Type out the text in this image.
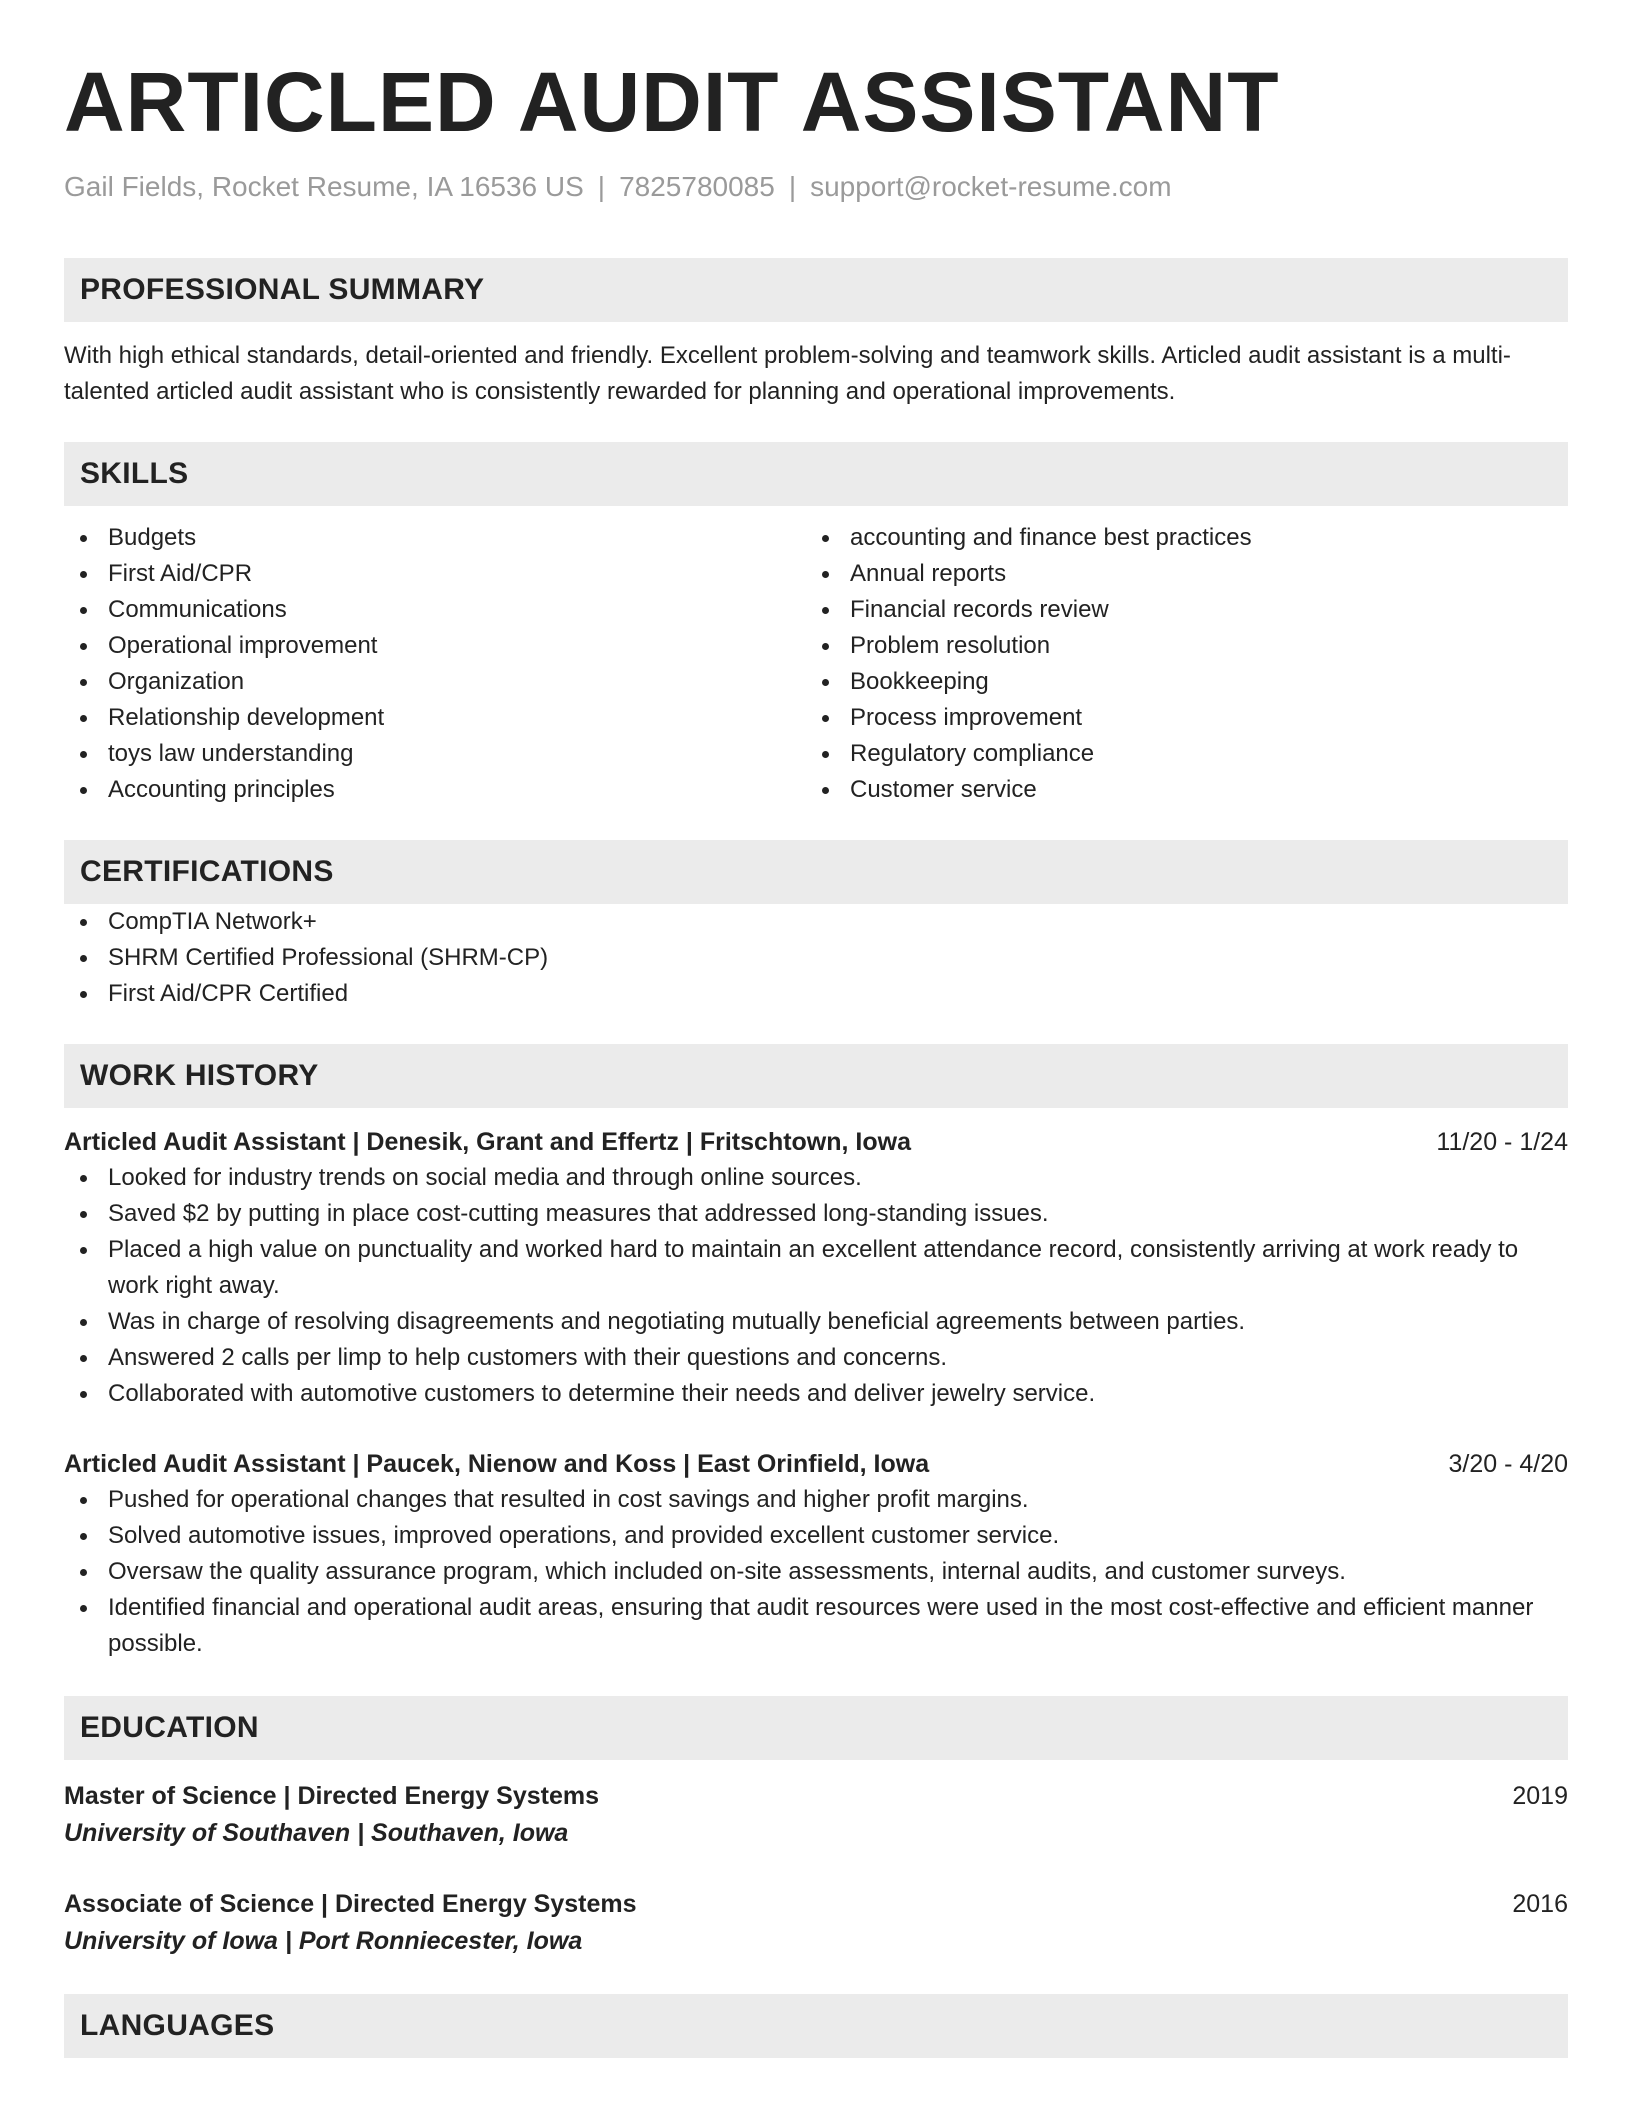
ARTICLED AUDIT ASSISTANT
Gail Fields, Rocket Resume, IA 16536 US | 7825780085 | support@rocket-resume.com
PROFESSIONAL SUMMARY
With high ethical standards, detail-oriented and friendly. Excellent problem-solving and teamwork skills. Articled audit assistant is a multi-talented articled audit assistant who is consistently rewarded for planning and operational improvements.
SKILLS
Budgets
First Aid/CPR
Communications
Operational improvement
Organization
Relationship development
toys law understanding
Accounting principles
accounting and finance best practices
Annual reports
Financial records review
Problem resolution
Bookkeeping
Process improvement
Regulatory compliance
Customer service
CERTIFICATIONS
CompTIA Network+
SHRM Certified Professional (SHRM-CP)
First Aid/CPR Certified
WORK HISTORY
Articled Audit Assistant | Denesik, Grant and Effertz | Fritschtown, Iowa	11/20 - 1/24
Looked for industry trends on social media and through online sources.
Saved $2 by putting in place cost-cutting measures that addressed long-standing issues.
Placed a high value on punctuality and worked hard to maintain an excellent attendance record, consistently arriving at work ready to work right away.
Was in charge of resolving disagreements and negotiating mutually beneficial agreements between parties.
Answered 2 calls per limp to help customers with their questions and concerns.
Collaborated with automotive customers to determine their needs and deliver jewelry service.
Articled Audit Assistant | Paucek, Nienow and Koss | East Orinfield, Iowa	3/20 - 4/20
Pushed for operational changes that resulted in cost savings and higher profit margins.
Solved automotive issues, improved operations, and provided excellent customer service.
Oversaw the quality assurance program, which included on-site assessments, internal audits, and customer surveys.
Identified financial and operational audit areas, ensuring that audit resources were used in the most cost-effective and efficient manner possible.
EDUCATION
Master of Science | Directed Energy Systems	2019
University of Southaven | Southaven, Iowa
Associate of Science | Directed Energy Systems	2016
University of Iowa | Port Ronniecester, Iowa
LANGUAGES
